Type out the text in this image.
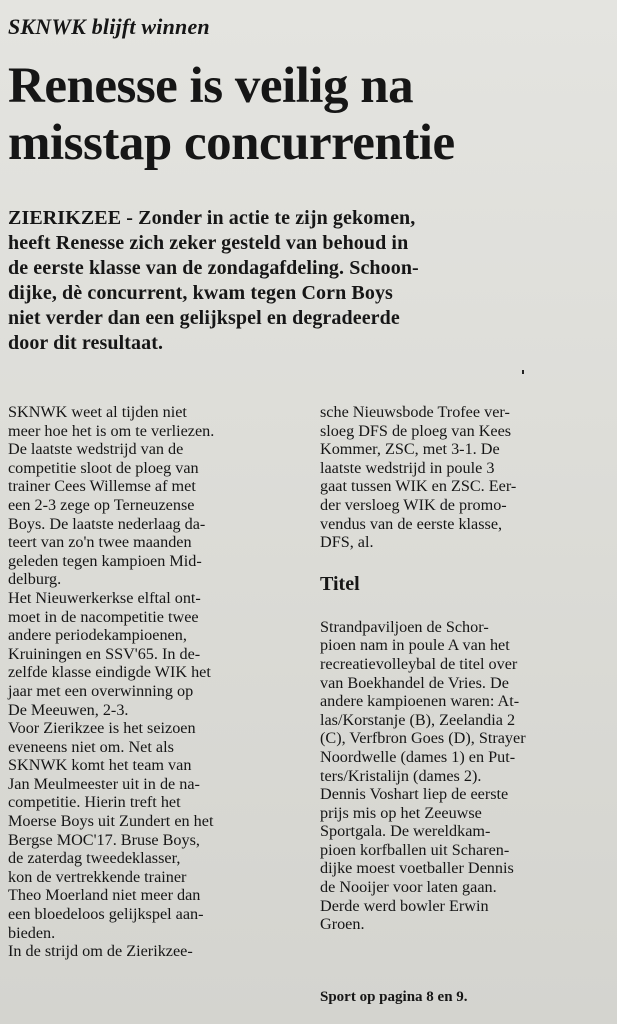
SKNWK blijft winnen
Renesse is veilig na
misstap concurrentie
ZIERIKZEE - Zonder in actie te zijn gekomen,
heeft Renesse zich zeker gesteld van behoud in
de eerste klasse van de zondagafdeling. Schoon-
dijke, dè concurrent, kwam tegen Corn Boys
niet verder dan een gelijkspel en degradeerde
door dit resultaat.
SKNWK weet al tijden niet
meer hoe het is om te verliezen.
De laatste wedstrijd van de
competitie sloot de ploeg van
trainer Cees Willemse af met
een 2-3 zege op Terneuzense
Boys. De laatste nederlaag da-
teert van zo'n twee maanden
geleden tegen kampioen Mid-
delburg.
Het Nieuwerkerkse elftal ont-
moet in de nacompetitie twee
andere periodekampioenen,
Kruiningen en SSV'65. In de-
zelfde klasse eindigde WIK het
jaar met een overwinning op
De Meeuwen, 2-3.
Voor Zierikzee is het seizoen
eveneens niet om. Net als
SKNWK komt het team van
Jan Meulmeester uit in de na-
competitie. Hierin treft het
Moerse Boys uit Zundert en het
Bergse MOC'17. Bruse Boys,
de zaterdag tweedeklasser,
kon de vertrekkende trainer
Theo Moerland niet meer dan
een bloedeloos gelijkspel aan-
bieden.
In de strijd om de Zierikzee-
sche Nieuwsbode Trofee ver-
sloeg DFS de ploeg van Kees
Kommer, ZSC, met 3-1. De
laatste wedstrijd in poule 3
gaat tussen WIK en ZSC. Eer-
der versloeg WIK de promo-
vendus van de eerste klasse,
DFS, al.
Titel
Strandpaviljoen de Schor-
pioen nam in poule A van het
recreatievolleybal de titel over
van Boekhandel de Vries. De
andere kampioenen waren: At-
las/Korstanje (B), Zeelandia 2
(C), Verfbron Goes (D), Strayer
Noordwelle (dames 1) en Put-
ters/Kristalijn (dames 2).
Dennis Voshart liep de eerste
prijs mis op het Zeeuwse
Sportgala. De wereldkam-
pioen korfballen uit Scharen-
dijke moest voetballer Dennis
de Nooijer voor laten gaan.
Derde werd bowler Erwin
Groen.
Sport op pagina 8 en 9.
